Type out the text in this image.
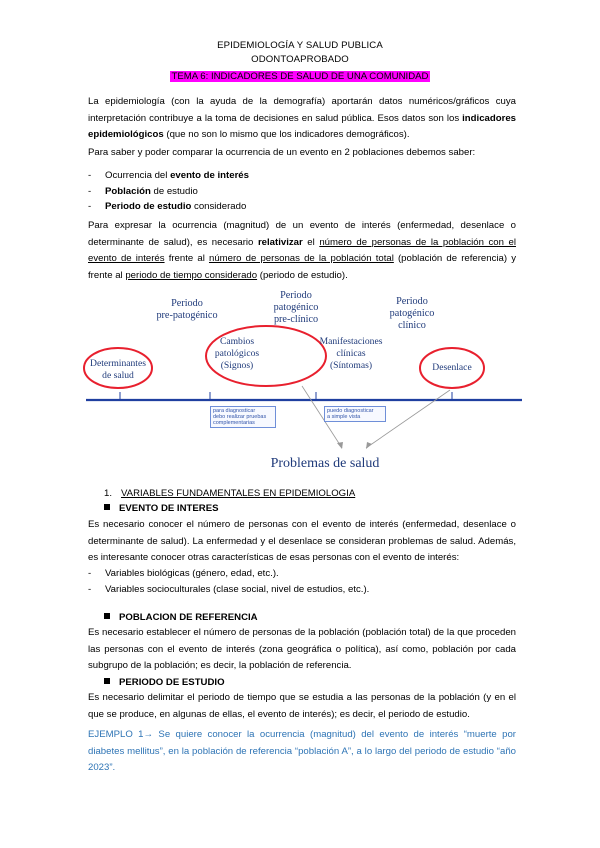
EPIDEMIOLOGÍA Y SALUD PUBLICA
ODONTOAPROBADO
TEMA 6: INDICADORES DE SALUD DE UNA COMUNIDAD
La epidemiología (con la ayuda de la demografía) aportarán datos numéricos/gráficos cuya interpretación contribuye a la toma de decisiones en salud pública. Esos datos son los indicadores epidemiológicos (que no son lo mismo que los indicadores demográficos).
Para saber y poder comparar la ocurrencia de un evento en 2 poblaciones debemos saber:
- Ocurrencia del evento de interés
- Población de estudio
- Periodo de estudio considerado
Para expresar la ocurrencia (magnitud) de un evento de interés (enfermedad, desenlace o determinante de salud), es necesario relativizar el número de personas de la población con el evento de interés frente al número de personas de la población total (población de referencia) y frente al periodo de tiempo considerado (periodo de estudio).
Periodo
pre-patogénico
Periodo
patogénico
pre-clínico
Periodo
patogénico
clínico
Determinantes
de salud
Cambios
patológicos
(Signos)
Manifestaciones
clínicas
(Síntomas)	Desenlace
para diagnosticar
debo realizar pruebas
complementarias
puedo diagnosticar
a simple vista
Problemas de salud
1. VARIABLES FUNDAMENTALES EN EPIDEMIOLOGIA
EVENTO DE INTERES
Es necesario conocer el número de personas con el evento de interés (enfermedad, desenlace o determinante de salud). La enfermedad y el desenlace se consideran problemas de salud. Además, es interesante conocer otras características de esas personas con el evento de interés:
- Variables biológicas (género, edad, etc.).
- Variables socioculturales (clase social, nivel de estudios, etc.).
POBLACION DE REFERENCIA
Es necesario establecer el número de personas de la población (población total) de la que proceden las personas con el evento de interés (zona geográfica o política), así como, población por cada subgrupo de la población; es decir, la población de referencia.
PERIODO DE ESTUDIO
Es necesario delimitar el periodo de tiempo que se estudia a las personas de la población (y en el que se produce, en algunas de ellas, el evento de interés); es decir, el periodo de estudio.
EJEMPLO 1→ Se quiere conocer la ocurrencia (magnitud) del evento de interés “muerte por diabetes mellitus”, en la población de referencia “población A”, a lo largo del periodo de estudio “año 2023”.
